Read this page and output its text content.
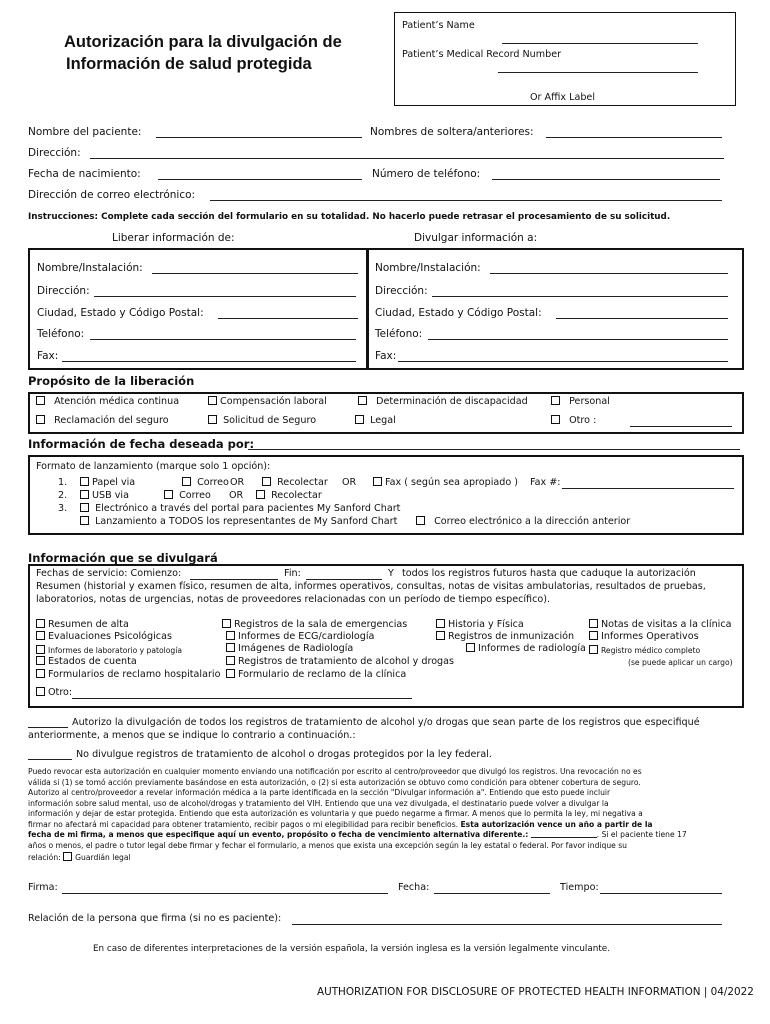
Autorización para la divulgación de
Información de salud protegida
Patient’s Name
Patient’s Medical Record Number
Or Affix Label
Nombre del paciente:	Nombres de soltera/anteriores:
Dirección:
Fecha de nacimiento:	Número de teléfono:
Dirección de correo electrónico:
Instrucciones: Complete cada sección del formulario en su totalidad. No hacerlo puede retrasar el procesamiento de su solicitud.
Liberar información de:	Divulgar información a:
Nombre/Instalación:
Dirección:
Ciudad, Estado y Código Postal:
Teléfono:
Fax:
Nombre/Instalación:
Dirección:
Ciudad, Estado y Código Postal:
Teléfono:
Fax:
Propósito de la liberación
Atención médica continua	Compensación laboral	Determinación de discapacidad	Personal
Reclamación del seguro	Solicitud de Seguro	Legal	Otro :
Información de fecha deseada por:
Formato de lanzamiento (marque solo 1 opción):
1.	Papel via	Correo OR	Recolectar OR	Fax ( según sea apropiado ) Fax #:
2.	USB via	Correo OR	Recolectar
3.	Electrónico a través del portal para pacientes My Sanford Chart
Lanzamiento a TODOS los representantes de My Sanford Chart	Correo electrónico a la dirección anterior
Información que se divulgará
Fechas de servicio: Comienzo:	Fin:	Y todos los registros futuros hasta que caduque la autorización
Resumen (historial y examen físico, resumen de alta, informes operativos, consultas, notas de visitas ambulatorias, resultados de pruebas,
laboratorios, notas de urgencias, notas de proveedores relacionadas con un período de tiempo específico).
Resumen de alta	Registros de la sala de emergencias	Historia y Física	Notas de visitas a la clínica
Evaluaciones Psicológicas	Informes de ECG/cardiología	Registros de inmunización	Informes Operativos
Informes de laboratorio y patología	Imágenes de Radiología	Informes de radiología	Registro médico completo
Estados de cuenta	Registros de tratamiento de alcohol y drogas	(se puede aplicar un cargo)
Formularios de reclamo hospitalario	Formulario de reclamo de la clínica
Otro:
Autorizo la divulgación de todos los registros de tratamiento de alcohol y/o drogas que sean parte de los registros que especifiqué
anteriormente, a menos que se indique lo contrario a continuación.:
No divulgue registros de tratamiento de alcohol o drogas protegidos por la ley federal.
Puedo revocar esta autorización en cualquier momento enviando una notificación por escrito al centro/proveedor que divulgó los registros. Una revocación no es
válida si (1) se tomó acción previamente basándose en esta autorización, o (2) si esta autorización se obtuvo como condición para obtener cobertura de seguro.
Autorizo al centro/proveedor a revelar información médica a la parte identificada en la sección "Divulgar información a". Entiendo que esto puede incluir
información sobre salud mental, uso de alcohol/drogas y tratamiento del VIH. Entiendo que una vez divulgada, el destinatario puede volver a divulgar la
información y dejar de estar protegida. Entiendo que esta autorización es voluntaria y que puedo negarme a firmar. A menos que lo permita la ley, mi negativa a
firmar no afectará mi capacidad para obtener tratamiento, recibir pagos o mi elegibilidad para recibir beneficios. Esta autorización vence un año a partir de la
fecha de mi firma, a menos que especifique aquí un evento, propósito o fecha de vencimiento alternativa diferente.:	. Si el paciente tiene 17
años o menos, el padre o tutor legal debe firmar y fechar el formulario, a menos que exista una excepción según la ley estatal o federal. Por favor indique su
relación: Guardián legal
Firma:	Fecha:	Tiempo:
Relación de la persona que firma (si no es paciente):
En caso de diferentes interpretaciones de la versión española, la versión inglesa es la versión legalmente vinculante.
AUTHORIZATION FOR DISCLOSURE OF PROTECTED HEALTH INFORMATION | 04/2022
